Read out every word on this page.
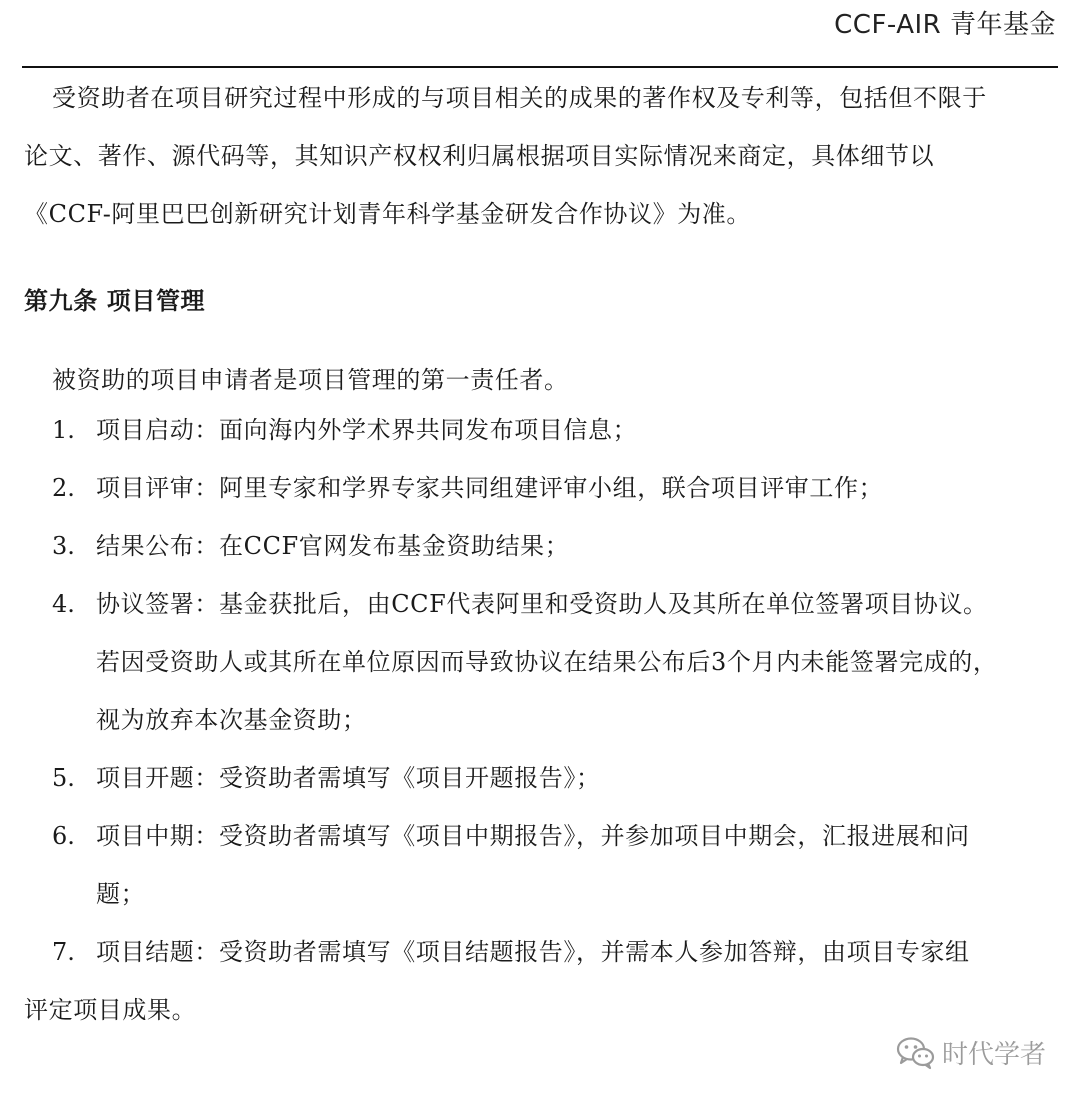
CCF-AIR 青年基金
受资助者在项目研究过程中形成的与项目相关的成果的著作权及专利等，包括但不限于
论文、著作、源代码等，其知识产权权利归属根据项目实际情况来商定，具体细节以
《CCF-阿里巴巴创新研究计划青年科学基金研发合作协议》为准。
第九条 项目管理
被资助的项目申请者是项目管理的第一责任者。
1. 项目启动：面向海内外学术界共同发布项目信息；
2. 项目评审：阿里专家和学界专家共同组建评审小组，联合项目评审工作；
3. 结果公布：在CCF官网发布基金资助结果；
4. 协议签署：基金获批后，由CCF代表阿里和受资助人及其所在单位签署项目协议。
若因受资助人或其所在单位原因而导致协议在结果公布后3个月内未能签署完成的，
视为放弃本次基金资助；
5. 项目开题：受资助者需填写《项目开题报告》；
6. 项目中期：受资助者需填写《项目中期报告》，并参加项目中期会，汇报进展和问
题；
7. 项目结题：受资助者需填写《项目结题报告》，并需本人参加答辩，由项目专家组
评定项目成果。
时代学者
